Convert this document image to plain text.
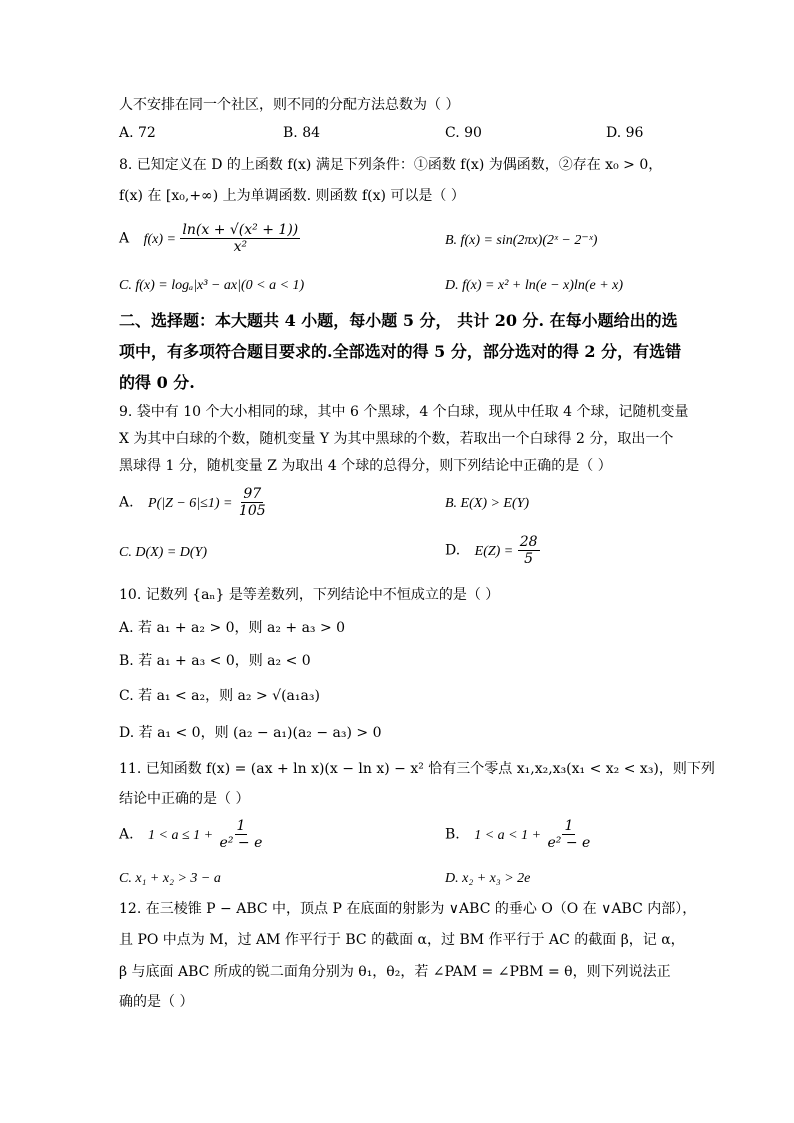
人不安排在同一个社区，则不同的分配方法总数为（ ）
A. 72	B. 84	C. 90	D. 96
8. 已知定义在 D 的上函数 f(x) 满足下列条件：①函数 f(x) 为偶函数，②存在 x₀ > 0，
f(x) 在 [x₀,+∞) 上为单调函数. 则函数 f(x) 可以是（ ）
A $f(x) = \frac{\text{ln(x + √(x² + 1))}}{\text{x²}}$	B. f(x) = sin(2πx)(2ˣ − 2⁻ˣ)
C. f(x) = logₐ|x³ − ax|(0 < a < 1)	D. f(x) = x² + ln(e − x)ln(e + x)
二、选择题：本大题共 4 小题，每小题 5 分， 共计 20 分. 在每小题给出的选
项中，有多项符合题目要求的.全部选对的得 5 分，部分选对的得 2 分，有选错
的得 0 分.
9. 袋中有 10 个大小相同的球，其中 6 个黑球，4 个白球，现从中任取 4 个球，记随机变量
X 为其中白球的个数，随机变量 Y 为其中黑球的个数，若取出一个白球得 2 分，取出一个
黑球得 1 分，随机变量 Z 为取出 4 个球的总得分，则下列结论中正确的是（ ）
A. $P(|Z - 6|\le 1) = \frac{97}{105}$	B. E(X) > E(Y)
C. D(X) = D(Y)	D. $E(Z) = \frac{28}{5}$
10. 记数列 {aₙ} 是等差数列，下列结论中不恒成立的是（ ）
A. 若 a₁ + a₂ > 0，则 a₂ + a₃ > 0
B. 若 a₁ + a₃ < 0，则 a₂ < 0
C. 若 a₁ < a₂，则 a₂ > √(a₁a₃)
D. 若 a₁ < 0，则 (a₂ − a₁)(a₂ − a₃) > 0
11. 已知函数 f(x) = (ax + ln x)(x − ln x) − x² 恰有三个零点 x₁,x₂,x₃(x₁ < x₂ < x₃)，则下列
结论中正确的是（ ）
A. $1 < a \le 1 + \frac{1}{\text{e² − e}}$	B. $1 < a < 1 + \frac{1}{\text{e² − e}}$
C. x₁ + x₂ > 3 − a	D. x₂ + x₃ > 2e
12. 在三棱锥 P − ABC 中，顶点 P 在底面的射影为 ∨ABC 的垂心 O（O 在 ∨ABC 内部），
且 PO 中点为 M，过 AM 作平行于 BC 的截面 α，过 BM 作平行于 AC 的截面 β，记 α，
β 与底面 ABC 所成的锐二面角分别为 θ₁，θ₂，若 ∠PAM = ∠PBM = θ，则下列说法正
确的是（ ）
